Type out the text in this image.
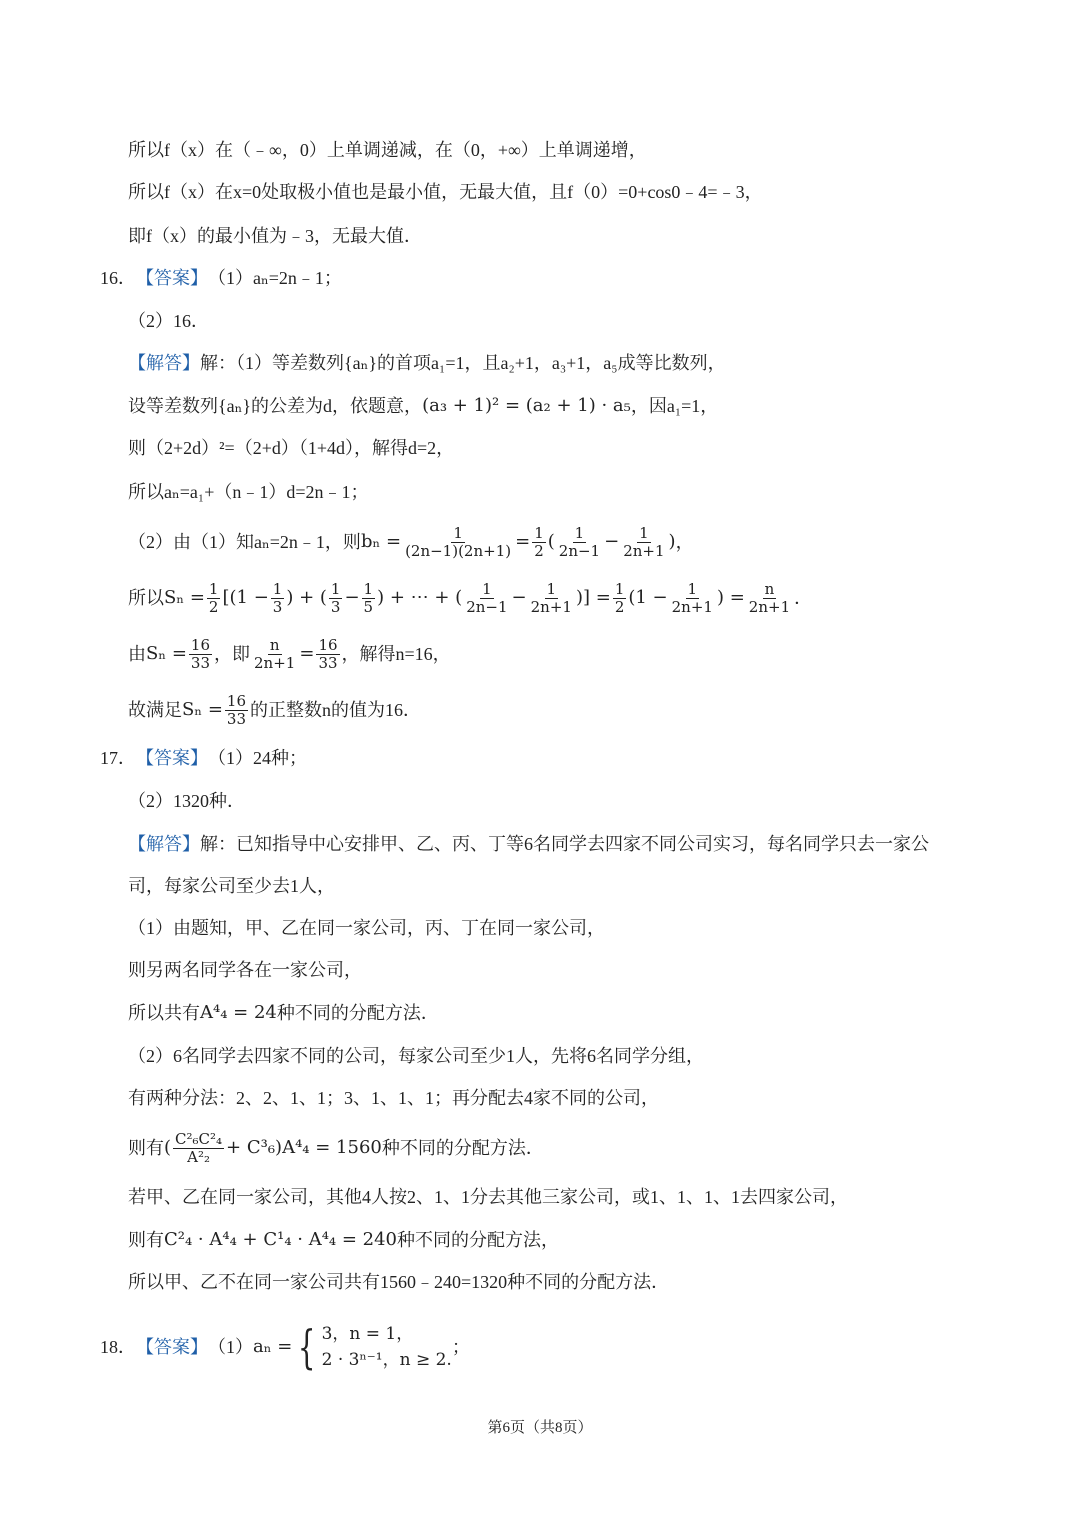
所以f（x）在（﹣∞，0）上单调递减，在（0，+∞）上单调递增，
所以f（x）在x=0处取极小值也是最小值，无最大值，且f（0）=0+cos0﹣4=﹣3，
即f（x）的最小值为﹣3，无最大值．
16． 【答案】 （1）aₙ=2n﹣1；
（2）16．
【解答】 解：（1）等差数列{aₙ}的首项a₁=1，且a₂+1，a₃+1，a₅成等比数列，
设等差数列{aₙ}的公差为d，依题意， (a₃ + 1)² = (a₂ + 1) · a₅ ，因a₁=1，
则（2+2d）²=（2+d）（1+4d），解得d=2，
所以aₙ=a₁+（n﹣1）d=2n﹣1；
（2）由（1）知aₙ=2n﹣1，则 $b_n = \frac{1}{(2n-1)(2n+1)} = \frac{1}{2}$ ( $\frac{1}{2n-1} - \frac{1}{2n+1}$ ) ，
所以 $S_n = \frac{1}{2} [(1 - \frac{1}{3}$ ) + ( $\frac{1}{3} - \frac{1}{5}$ ) + ⋯ + ( $\frac{1}{2n-1} - \frac{1}{2n+1}$ )] = $\frac{1}{2} (1 - \frac{1}{2n+1}$ ) = $\frac{n}{2n+1}$ ．
由 $S_n = \frac{16}{33}$ ，即 $\frac{n}{2n+1} = \frac{16}{33}$ ，解得n=16，
故满足 $S_n = \frac{16}{33}$ 的正整数n的值为16．
17． 【答案】 （1）24种；
（2）1320种．
【解答】 解：已知指导中心安排甲、乙、丙、丁等6名同学去四家不同公司实习，每名同学只去一家公
司，每家公司至少去1人，
（1）由题知，甲、乙在同一家公司，丙、丁在同一家公司，
则另两名同学各在一家公司，
所以共有 A⁴₄ = 24 种不同的分配方法．
（2）6名同学去四家不同的公司，每家公司至少1人，先将6名同学分组，
有两种分法：2、2、1、1；3、1、1、1；再分配去4家不同的公司，
则有 ( $\frac{\text{C²₆C²₄}}{\text{A²₂}} + C^3_6)A^4_4 = 1560$ 种不同的分配方法．
若甲、乙在同一家公司，其他4人按2、1、1分去其他三家公司，或1、1、1、1去四家公司，
则有 C²₄ · A⁴₄ + C¹₄ · A⁴₄ = 240 种不同的分配方法，
所以甲、乙不在同一家公司共有1560﹣240=1320种不同的分配方法．
18． 【答案】 （1） aₙ = { 3，n = 1，
2 · 3ⁿ⁻¹，n ≥ 2.
；
第6页（共8页）
